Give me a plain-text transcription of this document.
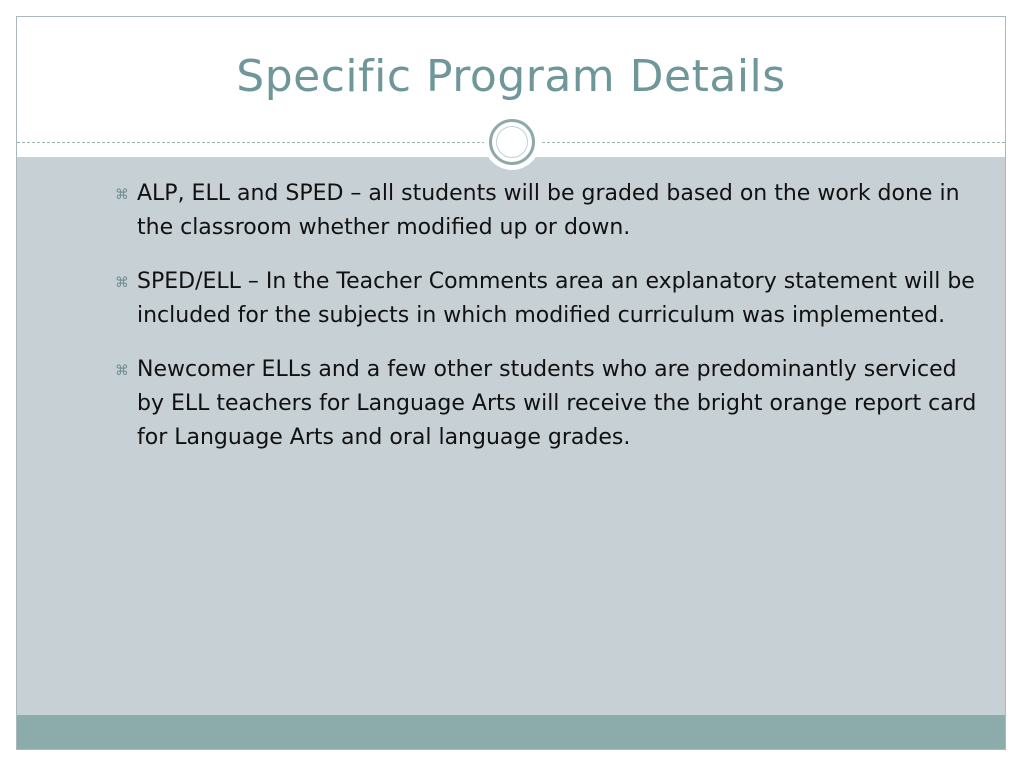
Specific Program Details
⌘ ALP, ELL and SPED – all students will be graded based on the work done in the classroom whether modified up or down.
⌘ SPED/ELL – In the Teacher Comments area an explanatory statement will be included for the subjects in which modified curriculum was implemented.
⌘ Newcomer ELLs and a few other students who are predominantly serviced by ELL teachers for Language Arts will receive the bright orange report card for Language Arts and oral language grades.
